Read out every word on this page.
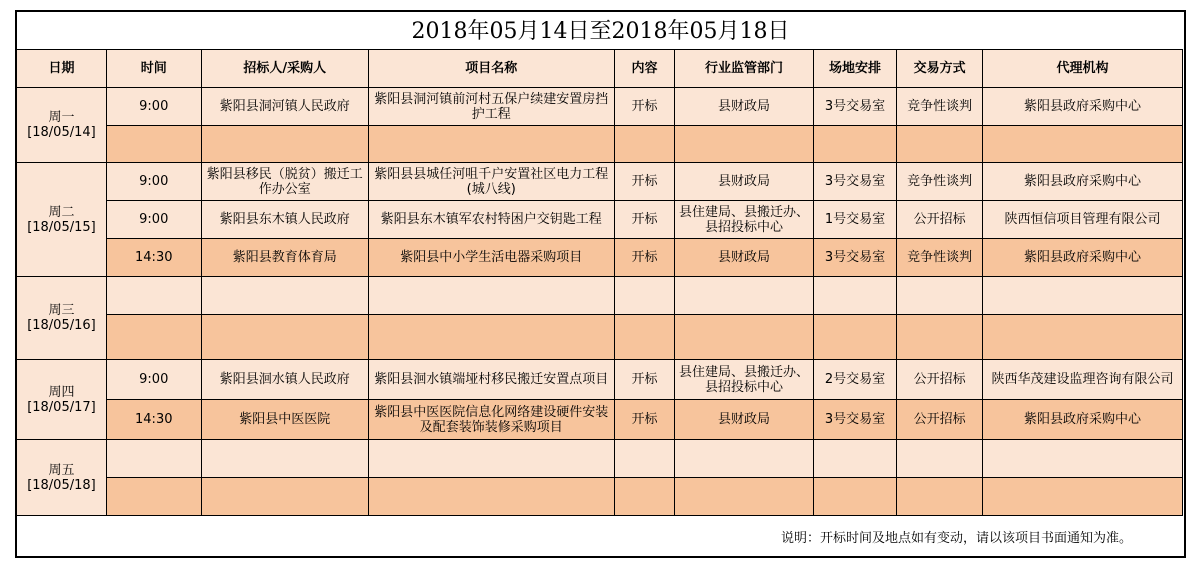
2018年05月14日至2018年05月18日
日期	时间	招标人/采购人	项目名称	内容	行业监管部门	场地安排	交易方式	代理机构
周一
[18/05/14]	9:00	紫阳县洞河镇人民政府	紫阳县洞河镇前河村五保户续建安置房挡护工程	开标	县财政局	3号交易室	竞争性谈判	紫阳县政府采购中心

周二
[18/05/15]	9:00	紫阳县移民（脱贫）搬迁工作办公室	紫阳县县城任河咀千户安置社区电力工程(城八线)	开标	县财政局	3号交易室	竞争性谈判	紫阳县政府采购中心
	9:00	紫阳县东木镇人民政府	紫阳县东木镇军农村特困户交钥匙工程	开标	县住建局、县搬迁办、县招投标中心	1号交易室	公开招标	陕西恒信项目管理有限公司
	14:30	紫阳县教育体育局	紫阳县中小学生活电器采购项目	开标	县财政局	3号交易室	竞争性谈判	紫阳县政府采购中心
周三
[18/05/16]								

周四
[18/05/17]	9:00	紫阳县洄水镇人民政府	紫阳县洄水镇端垭村移民搬迁安置点项目	开标	县住建局、县搬迁办、县招投标中心	2号交易室	公开招标	陕西华茂建设监理咨询有限公司
	14:30	紫阳县中医医院	紫阳县中医医院信息化网络建设硬件安装及配套装饰装修采购项目	开标	县财政局	3号交易室	公开招标	紫阳县政府采购中心
周五
[18/05/18]								

说明：开标时间及地点如有变动，请以该项目书面通知为准。
